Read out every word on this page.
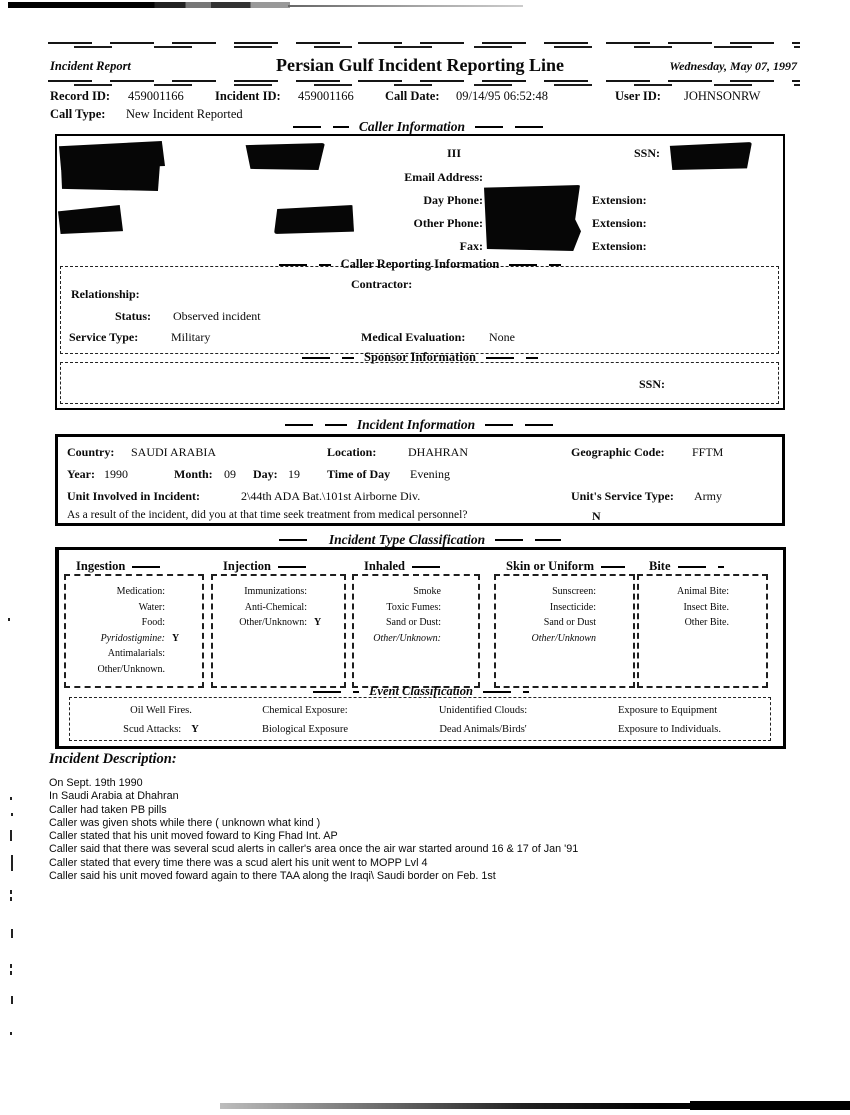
Incident Report	Persian Gulf Incident Reporting Line	Wednesday, May 07, 1997
Record ID: 459001166 Incident ID: 459001166 Call Date: 09/14/95 06:52:48	User ID: JOHNSONRW
Call Type: New Incident Reported
Caller Information
III	SSN:
Email Address:
Day Phone:
Other Phone:
Fax:
Extension:
Extension:
Extension:
Caller Reporting Information
Relationship:
Contractor:
Status: Observed incident
Service Type:	Military	Medical Evaluation: None
Sponsor Information
SSN:
Incident Information
Country: SAUDI ARABIA	Location:	DHAHRAN	Geographic Code: FFTM
Year: 1990	Month: 09 Day: 19 Time of Day Evening
Unit Involved in Incident:	2\44th ADA Bat.\101st Airborne Div.	Unit's Service Type: Army
As a result of the incident, did you at that time seek treatment from medical personnel?	N
Incident Type Classification
Ingestion
Medication:
Water:
Food:
Pyridostigmine: Y
Antimalarials:
Other/Unknown.
Injection
Immunizations:
Anti-Chemical:
Other/Unknown: Y
Inhaled
Smoke
Toxic Fumes:
Sand or Dust:
Other/Unknown:
Skin or Uniform
Sunscreen:
Insecticide:
Sand or Dust
Other/Unknown
Bite
Animal Bite:
Insect Bite.
Other Bite.
Event Classification
Oil Well Fires.
Scud Attacks: Y
Chemical Exposure:
Biological Exposure
Unidentified Clouds:
Dead Animals/Birds'
Exposure to Equipment
Exposure to Individuals.
Incident Description:
On Sept. 19th 1990
In Saudi Arabia at Dhahran
Caller had taken PB pills
Caller was given shots while there ( unknown what kind )
Caller stated that his unit moved foward to King Fhad Int. AP
Caller said that there was several scud alerts in caller's area once the air war started around 16 & 17 of Jan '91
Caller stated that every time there was a scud alert his unit went to MOPP Lvl 4
Caller said his unit moved foward again to there TAA along the Iraqi\ Saudi border on Feb. 1st
